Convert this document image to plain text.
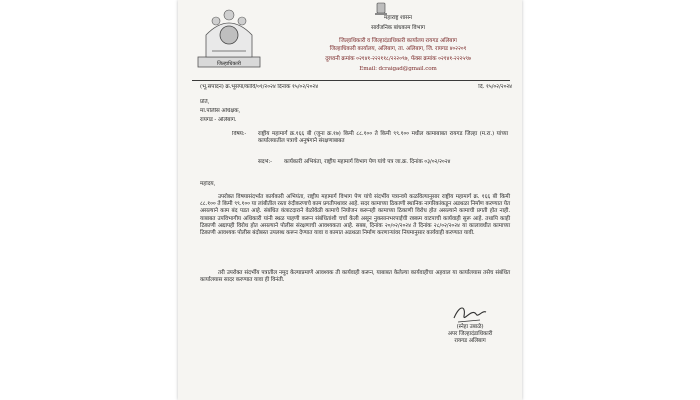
जिल्हाधिकारी
महाराष्ट्र शासन
सार्वजनिक बांधकाम विभाग
जिल्हाधिकारी व जिल्हादंडाधिकारी कार्यालय रायगड अलिबाग
जिल्हाधिकारी कार्यालय, अलिबाग, ता. अलिबाग, जि. रायगड ४०२२०१
दूरध्वनी क्रमांक ०२१४१-२२२११८/२२२०९७, फॅक्स क्रमांक ०२१४१-२२२५९७
Email: dcraigad@gmail.com
(भू.संपादन) क्र.भूसंपा/कावि/०१/२०२४ दिनांक १५/०२/२०२४	दि. १५/०२/२०२४
प्रति,
मा.पोलीस अधिक्षक,
रायगड - अलिबाग.
विषय:- राष्ट्रीय महामार्ग क्र.१६६ बी (जुना क्र.१७) किमी ८८.१०० ते किमी ९९.१०० मधील कामाबाबत रायगड जिल्हा (म.रा.) यांच्या कार्यालयातील पत्राचे अनुषंगाने संरक्षणाबाबत

संदर्भ:- कार्यकारी अभियंता, राष्ट्रीय महामार्ग विभाग पेण यांचे पत्र जा.क्र. दिनांक ०३/०२/२०२४

महोदय,

उपरोक्त विषयासंदर्भात कार्यकारी अभियंता, राष्ट्रीय महामार्ग विभाग पेण यांचे संदर्भीय पत्रान्वये कळविल्यानुसार राष्ट्रीय महामार्ग क्र. १६६ बी किमी ८८.१०० ते किमी ९९.१०० या लांबीतील रस्ता रुंदीकरणाचे काम प्रगतीपथावर आहे. सदर कामाच्या ठिकाणी स्थानिक नागरिकांकडून अडथळा निर्माण करण्यात येत असल्याने काम बंद पडत आहे. संबंधित कंत्राटदाराने वेळोवेळी कामाचे नियोजन करूनही कामाच्या ठिकाणी विरोध होत असल्याने कामाची प्रगती होत नाही. याबाबत उपविभागीय अधिकारी यांनी स्थळ पाहणी करून संबंधितांशी चर्चा केली असून नुकसानभरपाईची रक्कम वाटपाची कार्यवाही सुरू आहे. तथापि काही ठिकाणी अद्यापही विरोध होत असल्याने पोलीस संरक्षणाची आवश्यकता आहे. सबब, दिनांक २०/०२/२०२४ ते दिनांक २८/०२/२०२४ या कालावधीत कामाच्या ठिकाणी आवश्यक पोलीस बंदोबस्त उपलब्ध करून देण्यात यावा व कामात अडथळा निर्माण करणाऱ्यांवर नियमानुसार कार्यवाही करण्यात यावी.

तरी उपरोक्त संदर्भीय पत्रातील नमूद केल्याप्रमाणे आवश्यक ती कार्यवाही करून, याबाबत केलेल्या कार्यवाहीचा अहवाल या कार्यालयास तसेच संबंधित कार्यालयास सादर करण्यात यावा ही विनंती.

(स्नेहा उबाळे)
अपर जिल्हादंडाधिकारी
रायगड अलिबाग
